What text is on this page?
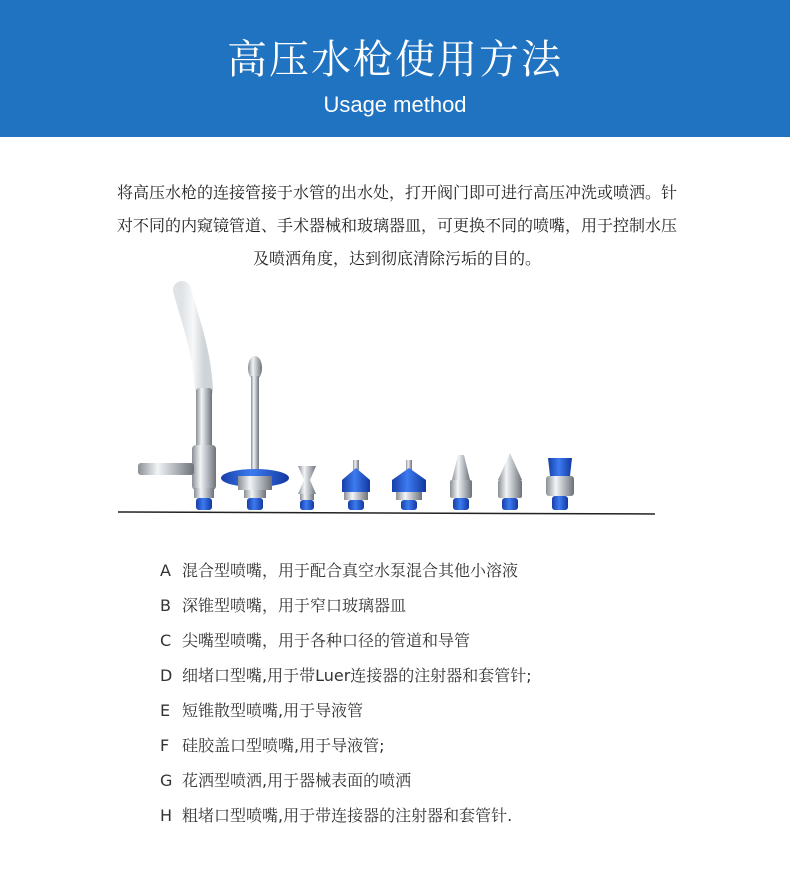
高压水枪使用方法
Usage method
将高压水枪的连接管接于水管的出水处，打开阀门即可进行高压冲洗或喷洒。针
对不同的内窥镜管道、手术器械和玻璃器皿，可更换不同的喷嘴，用于控制水压
及喷洒角度，达到彻底清除污垢的目的。
A 混合型喷嘴，用于配合真空水泵混合其他小溶液
B 深锥型喷嘴，用于窄口玻璃器皿
C 尖嘴型喷嘴，用于各种口径的管道和导管
D 细堵口型嘴,用于带Luer连接器的注射器和套管针;
E 短锥散型喷嘴,用于导液管
F 硅胶盖口型喷嘴,用于导液管;
G 花洒型喷洒,用于器械表面的喷洒
H 粗堵口型喷嘴,用于带连接器的注射器和套管针.
